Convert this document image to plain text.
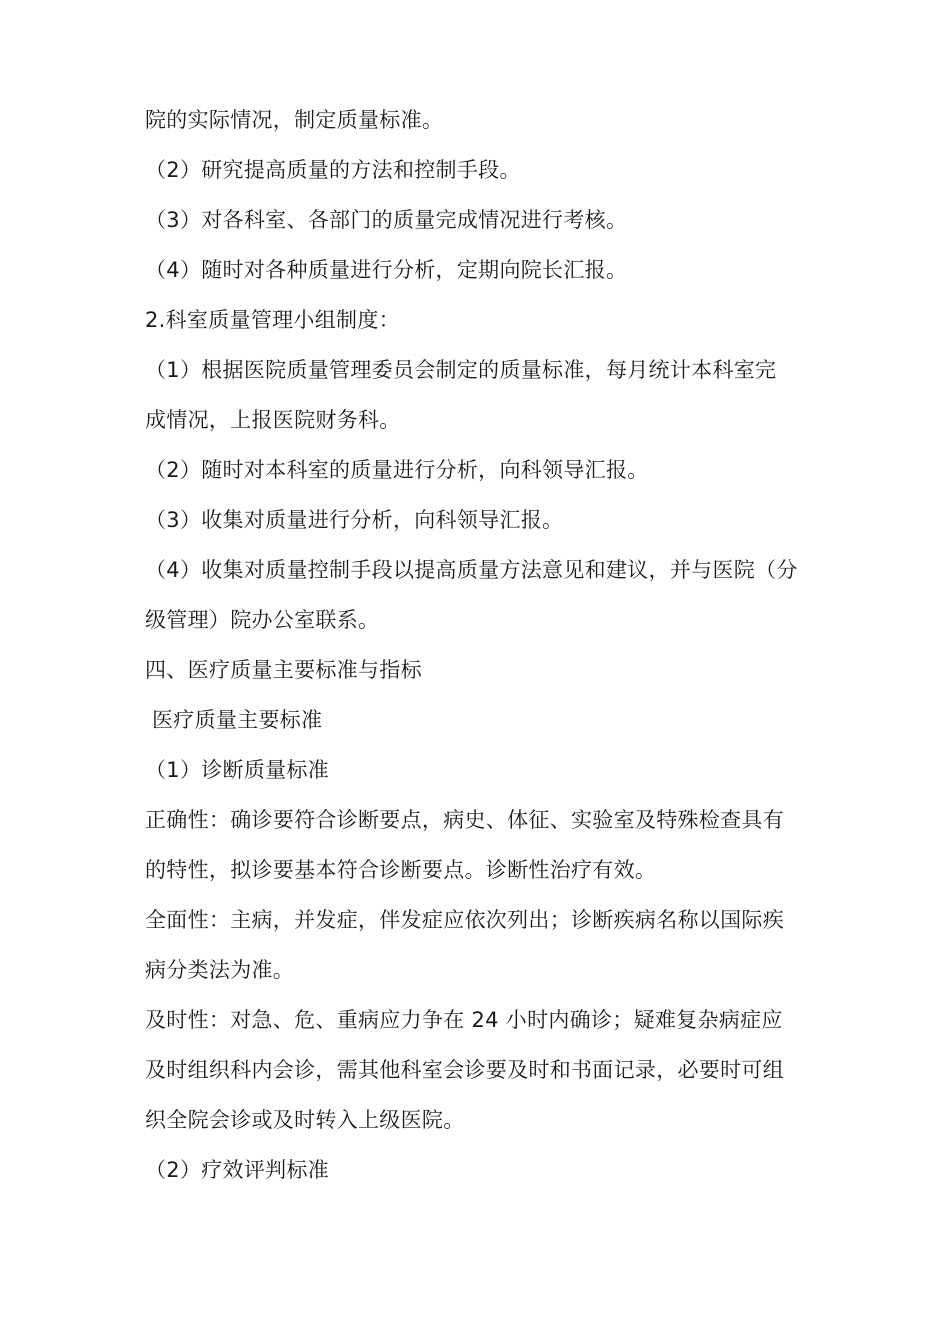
院的实际情况，制定质量标准。
（2）研究提高质量的方法和控制手段。
（3）对各科室、各部门的质量完成情况进行考核。
（4）随时对各种质量进行分析，定期向院长汇报。
2.科室质量管理小组制度：
（1）根据医院质量管理委员会制定的质量标准，每月统计本科室完
成情况，上报医院财务科。
（2）随时对本科室的质量进行分析，向科领导汇报。
（3）收集对质量进行分析，向科领导汇报。
（4）收集对质量控制手段以提高质量方法意见和建议，并与医院（分
级管理）院办公室联系。
四、医疗质量主要标准与指标
医疗质量主要标准
（1）诊断质量标准
正确性：确诊要符合诊断要点，病史、体征、实验室及特殊检查具有
的特性，拟诊要基本符合诊断要点。诊断性治疗有效。
全面性：主病，并发症，伴发症应依次列出；诊断疾病名称以国际疾
病分类法为准。
及时性：对急、危、重病应力争在 24 小时内确诊；疑难复杂病症应
及时组织科内会诊，需其他科室会诊要及时和书面记录，必要时可组
织全院会诊或及时转入上级医院。
（2）疗效评判标准
